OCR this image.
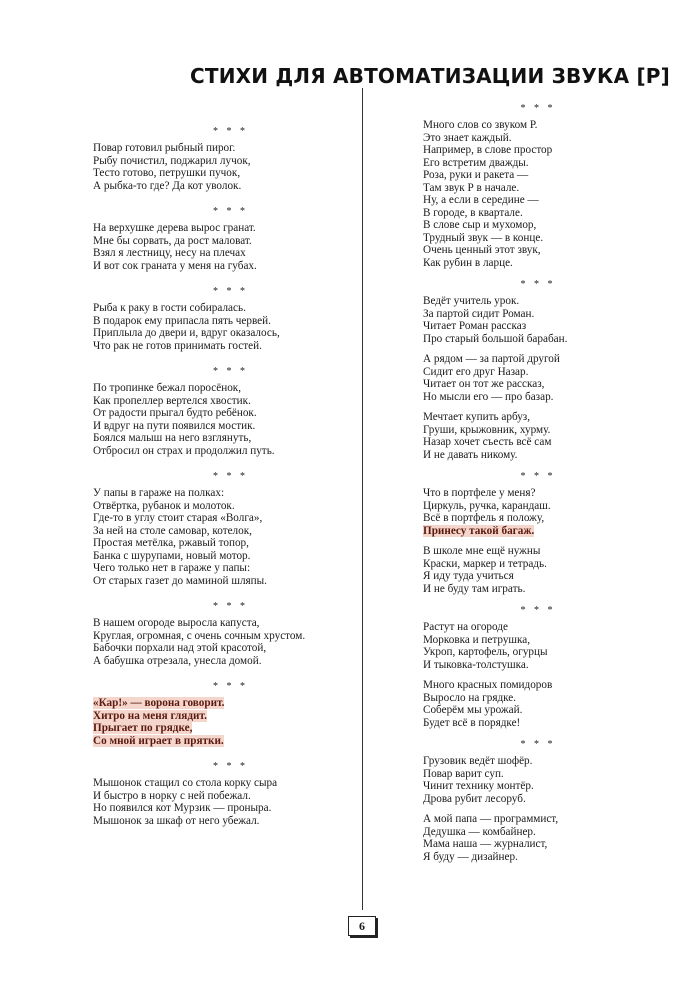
СТИХИ ДЛЯ АВТОМАТИЗАЦИИ ЗВУКА [Р]
* * *
Повар готовил рыбный пирог.
Рыбу почистил, поджарил лучок,
Тесто готово, петрушки пучок,
А рыбка-то где? Да кот уволок.
* * *
На верхушке дерева вырос гранат.
Мне бы сорвать, да рост маловат.
Взял я лестницу, несу на плечах
И вот сок граната у меня на губах.
* * *
Рыба к раку в гости собиралась.
В подарок ему припасла пять червей.
Приплыла до двери и, вдруг оказалось,
Что рак не готов принимать гостей.
* * *
По тропинке бежал поросёнок,
Как пропеллер вертелся хвостик.
От радости прыгал будто ребёнок.
И вдруг на пути появился мостик.
Боялся малыш на него взглянуть,
Отбросил он страх и продолжил путь.
* * *
У папы в гараже на полках:
Отвёртка, рубанок и молоток.
Где-то в углу стоит старая «Волга»,
За ней на столе самовар, котелок,
Простая метёлка, ржавый топор,
Банка с шурупами, новый мотор.
Чего только нет в гараже у папы:
От старых газет до маминой шляпы.
* * *
В нашем огороде выросла капуста,
Круглая, огромная, с очень сочным хрустом.
Бабочки порхали над этой красотой,
А бабушка отрезала, унесла домой.
* * *
«Кар!» — ворона говорит.
Хитро на меня глядит.
Прыгает по грядке,
Со мной играет в прятки.
* * *
Мышонок стащил со стола корку сыра
И быстро в норку с ней побежал.
Но появился кот Мурзик — проныра.
Мышонок за шкаф от него убежал.
* * *
Много слов со звуком Р.
Это знает каждый.
Например, в слове простор
Его встретим дважды.
Роза, руки и ракета —
Там звук Р в начале.
Ну, а если в середине —
В городе, в квартале.
В слове сыр и мухомор,
Трудный звук — в конце.
Очень ценный этот звук,
Как рубин в ларце.
* * *
Ведёт учитель урок.
За партой сидит Роман.
Читает Роман рассказ
Про старый большой барабан.
А рядом — за партой другой
Сидит его друг Назар.
Читает он тот же рассказ,
Но мысли его — про базар.
Мечтает купить арбуз,
Груши, крыжовник, хурму.
Назар хочет съесть всё сам
И не давать никому.
* * *
Что в портфеле у меня?
Циркуль, ручка, карандаш.
Всё в портфель я положу,
Принесу такой багаж.
В школе мне ещё нужны
Краски, маркер и тетрадь.
Я иду туда учиться
И не буду там играть.
* * *
Растут на огороде
Морковка и петрушка,
Укроп, картофель, огурцы
И тыковка-толстушка.
Много красных помидоров
Выросло на грядке.
Соберём мы урожай.
Будет всё в порядке!
* * *
Грузовик ведёт шофёр.
Повар варит суп.
Чинит технику монтёр.
Дрова рубит лесоруб.
А мой папа — программист,
Дедушка — комбайнер.
Мама наша — журналист,
Я буду — дизайнер.
6
